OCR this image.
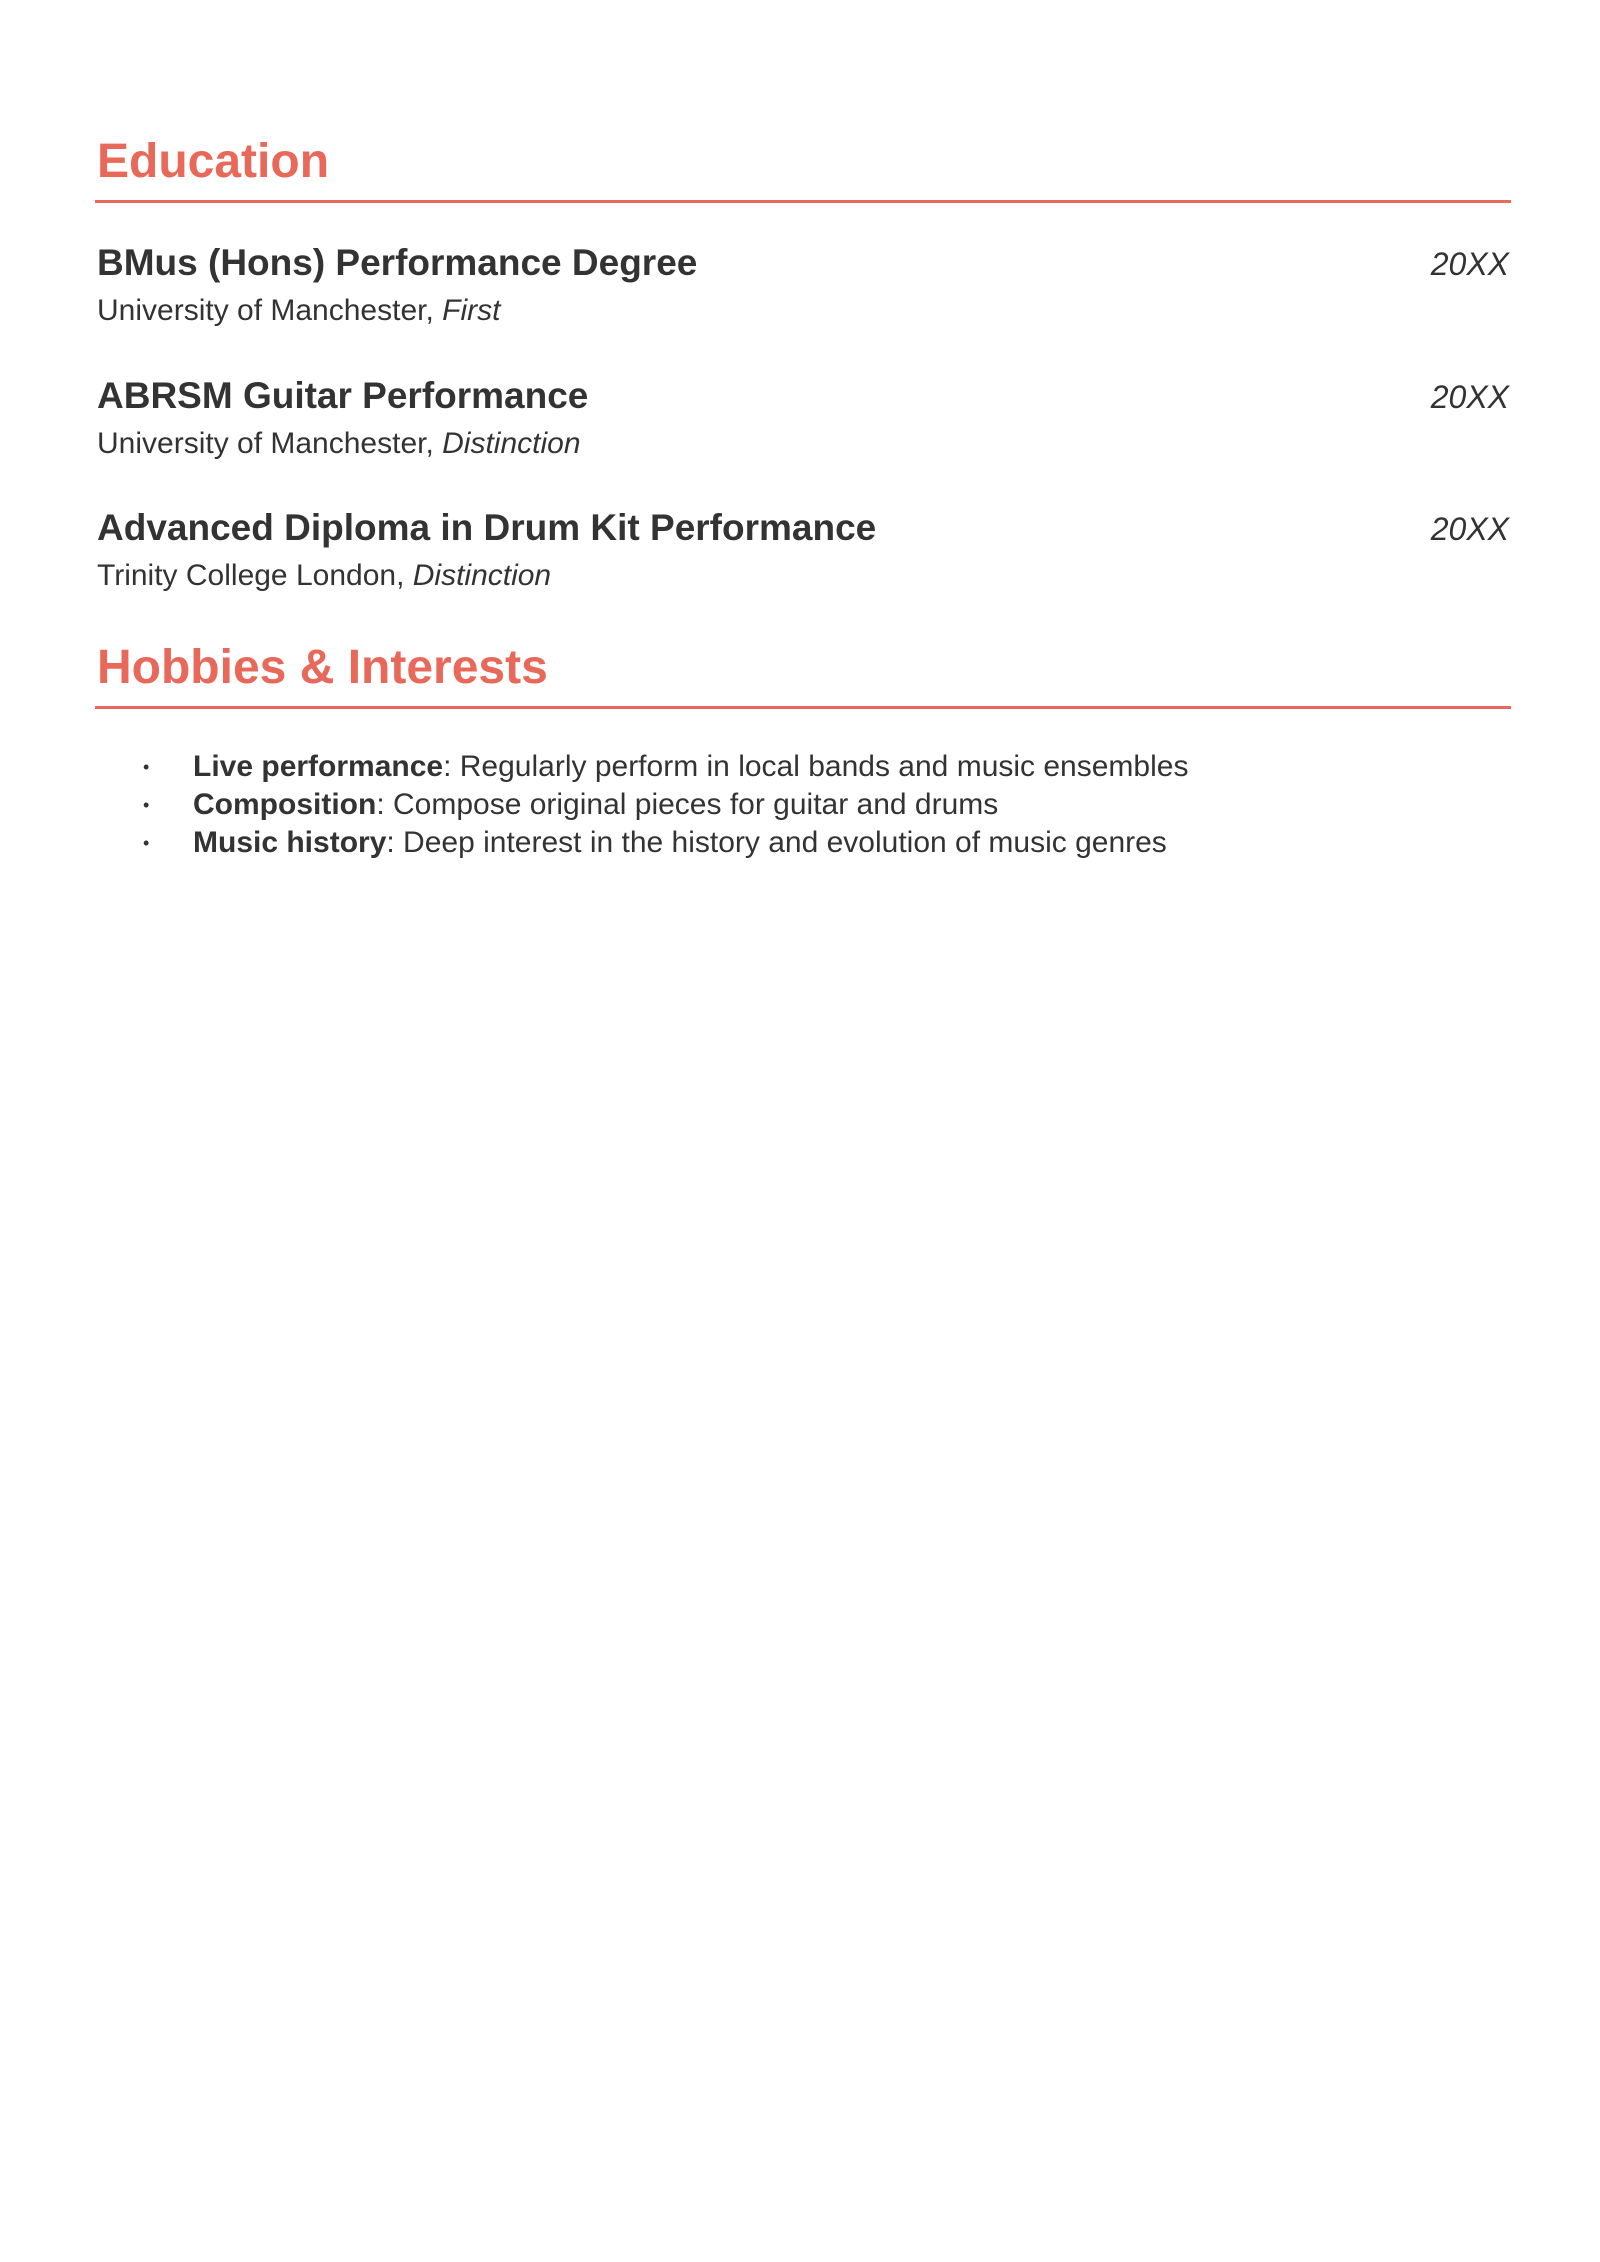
Education
BMus (Hons) Performance Degree	20XX
University of Manchester, First
ABRSM Guitar Performance	20XX
University of Manchester, Distinction
Advanced Diploma in Drum Kit Performance	20XX
Trinity College London, Distinction
Hobbies & Interests
• Live performance: Regularly perform in local bands and music ensembles
• Composition: Compose original pieces for guitar and drums
• Music history: Deep interest in the history and evolution of music genres
